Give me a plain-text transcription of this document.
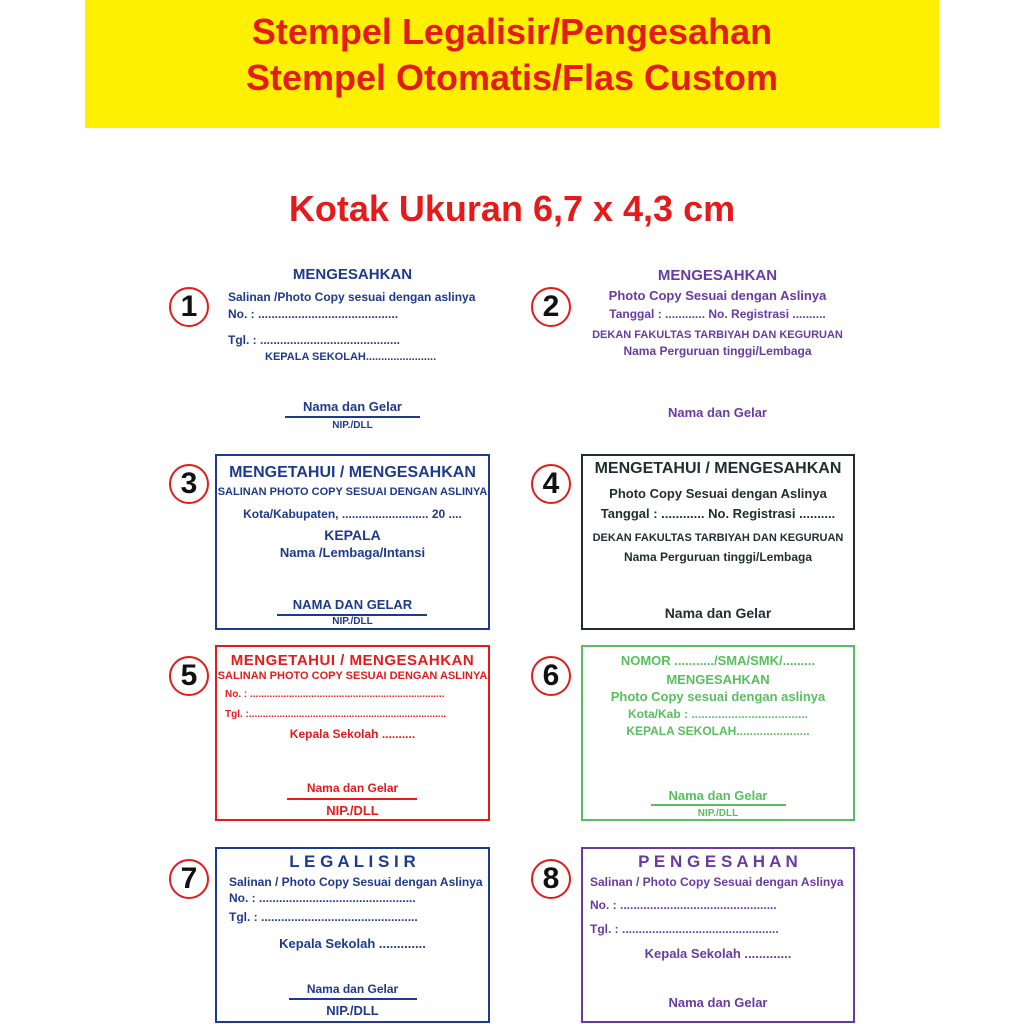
Stempel Legalisir/Pengesahan
Stempel Otomatis/Flas Custom
Kotak Ukuran 6,7 x 4,3 cm
1	2
3	4
5	6
7	8
MENGESAHKAN
Salinan /Photo Copy sesuai dengan aslinya
No. : ..........................................
Tgl. : ..........................................
KEPALA SEKOLAH.......................
Nama dan Gelar
NIP./DLL
MENGESAHKAN
Photo Copy Sesuai dengan Aslinya
Tanggal : ............ No. Registrasi ..........
DEKAN FAKULTAS TARBIYAH DAN KEGURUAN
Nama Perguruan tinggi/Lembaga
Nama dan Gelar
MENGETAHUI / MENGESAHKAN
SALINAN PHOTO COPY SESUAI DENGAN ASLINYA
Kota/Kabupaten, .......................... 20 ....
KEPALA
Nama /Lembaga/Intansi
NAMA DAN GELAR
NIP./DLL
MENGETAHUI / MENGESAHKAN
Photo Copy Sesuai dengan Aslinya
Tanggal : ............ No. Registrasi ..........
DEKAN FAKULTAS TARBIYAH DAN KEGURUAN
Nama Perguruan tinggi/Lembaga
Nama dan Gelar
MENGETAHUI / MENGESAHKAN
SALINAN PHOTO COPY SESUAI DENGAN ASLINYA
No. : ......................................................................
Tgl. :.......................................................................
Kepala Sekolah ..........
Nama dan Gelar
NIP./DLL
NOMOR .........../SMA/SMK/.........
MENGESAHKAN
Photo Copy sesuai dengan aslinya
Kota/Kab : ...................................
KEPALA SEKOLAH......................
Nama dan Gelar
NIP./DLL
L E G A L I S I R
Salinan / Photo Copy Sesuai dengan Aslinya
No. : ...............................................
Tgl. : ...............................................
Kepala Sekolah .............
Nama dan Gelar
NIP./DLL
P E N G E S A H A N
Salinan / Photo Copy Sesuai dengan Aslinya
No. : ...............................................
Tgl. : ...............................................
Kepala Sekolah .............
Nama dan Gelar
